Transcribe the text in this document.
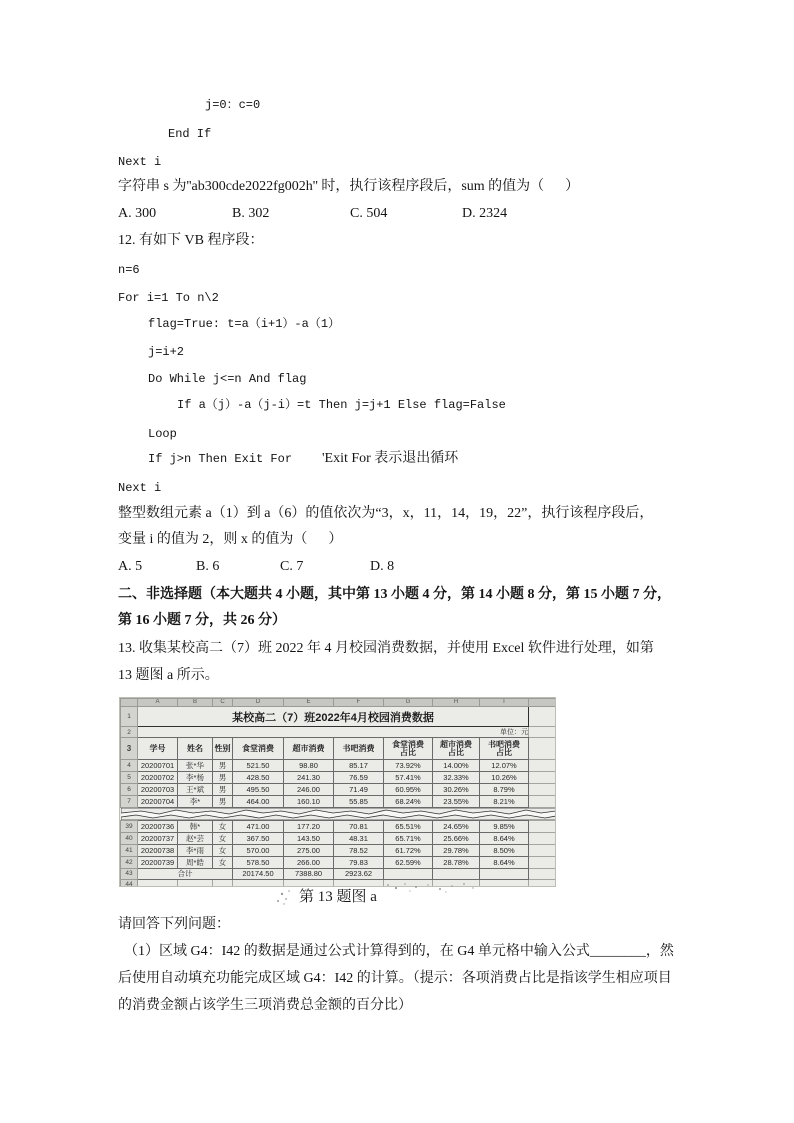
j=0：c=0
End If
Next i
字符串 s 为''ab300cde2022fg002h'' 时，执行该程序段后，sum 的值为（      ）
A. 300	B. 302	C. 504	D. 2324
12. 有如下 VB 程序段：
n=6
For i=1 To n\2
flag=True: t=a（i+1）-a（1）
j=i+2
Do While j<=n And flag
If a（j）-a（j-i）=t Then j=j+1 Else flag=False
Loop
If j>n Then Exit For 'Exit For 表示退出循环
Next i
整型数组元素 a（1）到 a（6）的值依次为“3，x，11，14，19，22”，执行该程序段后，
变量 i 的值为 2，则 x 的值为（      ）
A. 5	B. 6	C. 7	D. 8
二、非选择题（本大题共 4 小题，其中第 13 小题 4 分，第 14 小题 8 分，第 15 小题 7 分，
第 16 小题 7 分，共 26 分）
13. 收集某校高二（7）班 2022 年 4 月校园消费数据，并使用 Excel 软件进行处理，如第
13 题图 a 所示。
	A	B	C	D	E	F	G	H	I	
1	某校高二（7）班2022年4月校园消费数据									
2	单位：元									
3	学号	姓名	性别	食堂消费	超市消费	书吧消费	食堂消费占比	超市消费占比	书吧消费占比	
4	20200701	张*华	男	521.50	98.80	85.17	73.92%	14.00%	12.07%	
5	20200702	李*杨	男	428.50	241.30	76.59	57.41%	32.33%	10.26%	
6	20200703	王*斌	男	495.50	246.00	71.49	60.95%	30.26%	8.79%	
7	20200704	李*	男	464.00	160.10	55.85	68.24%	23.55%	8.21%	

39	20200736	韩*	女	471.00	177.20	70.81	65.51%	24.65%	9.85%	
40	20200737	赵*芸	女	367.50	143.50	48.31	65.71%	25.66%	8.64%	
41	20200738	李*雨	女	570.00	275.00	78.52	61.72%	29.78%	8.50%	
42	20200739	周*皓	女	578.50	266.00	79.83	62.59%	28.78%	8.64%	
43	合计			20174.50	7388.80	2923.62				
44										
第 13 题图 a
请回答下列问题：
（1）区域 G4：I42 的数据是通过公式计算得到的，在 G4 单元格中输入公式________，然
后使用自动填充功能完成区域 G4：I42 的计算。（提示：各项消费占比是指该学生相应项目
的消费金额占该学生三项消费总金额的百分比）
